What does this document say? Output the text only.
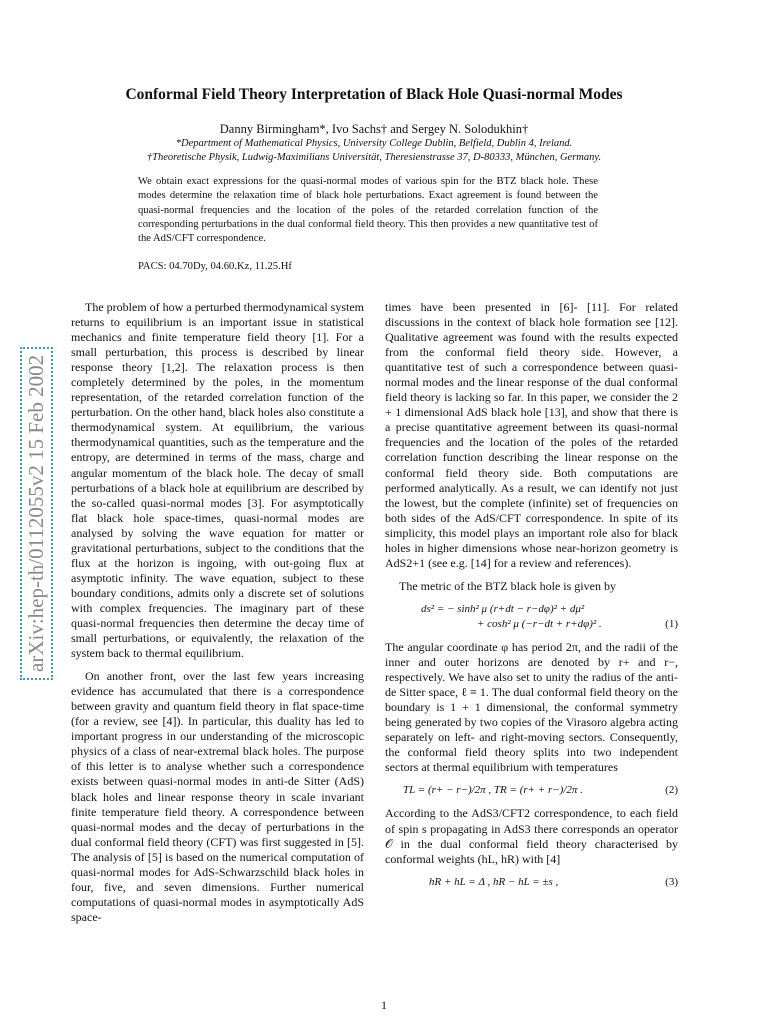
arXiv:hep-th/0112055v2 15 Feb 2002
Conformal Field Theory Interpretation of Black Hole Quasi-normal Modes
Danny Birmingham*, Ivo Sachs† and Sergey N. Solodukhin†
*Department of Mathematical Physics, University College Dublin, Belfield, Dublin 4, Ireland.
†Theoretische Physik, Ludwig-Maximilians Universität, Theresienstrasse 37, D-80333, München, Germany.
We obtain exact expressions for the quasi-normal modes of various spin for the BTZ black hole. These modes determine the relaxation time of black hole perturbations. Exact agreement is found between the quasi-normal frequencies and the location of the poles of the retarded correlation function of the corresponding perturbations in the dual conformal field theory. This then provides a new quantitative test of the AdS/CFT correspondence.
PACS: 04.70Dy, 04.60.Kz, 11.25.Hf

The problem of how a perturbed thermodynamical system returns to equilibrium is an important issue in statistical mechanics and finite temperature field theory [1]. For a small perturbation, this process is described by linear response theory [1,2]. The relaxation process is then completely determined by the poles, in the momentum representation, of the retarded correlation function of the perturbation. On the other hand, black holes also constitute a thermodynamical system. At equilibrium, the various thermodynamical quantities, such as the temperature and the entropy, are determined in terms of the mass, charge and angular momentum of the black hole. The decay of small perturbations of a black hole at equilibrium are described by the so-called quasi-normal modes [3]. For asymptotically flat black hole space-times, quasi-normal modes are analysed by solving the wave equation for matter or gravitational perturbations, subject to the conditions that the flux at the horizon is ingoing, with out-going flux at asymptotic infinity. The wave equation, subject to these boundary conditions, admits only a discrete set of solutions with complex frequencies. The imaginary part of these quasi-normal frequencies then determine the decay time of small perturbations, or equivalently, the relaxation of the system back to thermal equilibrium.

On another front, over the last few years increasing evidence has accumulated that there is a correspondence between gravity and quantum field theory in flat space-time (for a review, see [4]). In particular, this duality has led to important progress in our understanding of the microscopic physics of a class of near-extremal black holes. The purpose of this letter is to analyse whether such a correspondence exists between quasi-normal modes in anti-de Sitter (AdS) black holes and linear response theory in scale invariant finite temperature field theory. A correspondence between quasi-normal modes and the decay of perturbations in the dual conformal field theory (CFT) was first suggested in [5]. The analysis of [5] is based on the numerical computation of quasi-normal modes for AdS-Schwarzschild black holes in four, five, and seven dimensions. Further numerical computations of quasi-normal modes in asymptotically AdS space-

times have been presented in [6]- [11]. For related discussions in the context of black hole formation see [12]. Qualitative agreement was found with the results expected from the conformal field theory side. However, a quantitative test of such a correspondence between quasi-normal modes and the linear response of the dual conformal field theory is lacking so far. In this paper, we consider the 2 + 1 dimensional AdS black hole [13], and show that there is a precise quantitative agreement between its quasi-normal frequencies and the location of the poles of the retarded correlation function describing the linear response on the conformal field theory side. Both computations are performed analytically. As a result, we can identify not just the lowest, but the complete (infinite) set of frequencies on both sides of the AdS/CFT correspondence. In spite of its simplicity, this model plays an important role also for black holes in higher dimensions whose near-horizon geometry is AdS2+1 (see e.g. [14] for a review and references).

The metric of the BTZ black hole is given by

ds² = − sinh² μ (r+dt − r−dφ)² + dμ²
+ cosh² μ (−r−dt + r+dφ)² .	(1)

The angular coordinate φ has period 2π, and the radii of the inner and outer horizons are denoted by r+ and r−, respectively. We have also set to unity the radius of the anti-de Sitter space, ℓ ≡ 1. The dual conformal field theory on the boundary is 1 + 1 dimensional, the conformal symmetry being generated by two copies of the Virasoro algebra acting separately on left- and right-moving sectors. Consequently, the conformal field theory splits into two independent sectors at thermal equilibrium with temperatures

TL = (r+ − r−)/2π , TR = (r+ + r−)/2π .	(2)

According to the AdS3/CFT2 correspondence, to each field of spin s propagating in AdS3 there corresponds an operator 𝒪 in the dual conformal field theory characterised by conformal weights (hL, hR) with [4]

hR + hL = Δ , hR − hL = ±s ,	(3)
1
